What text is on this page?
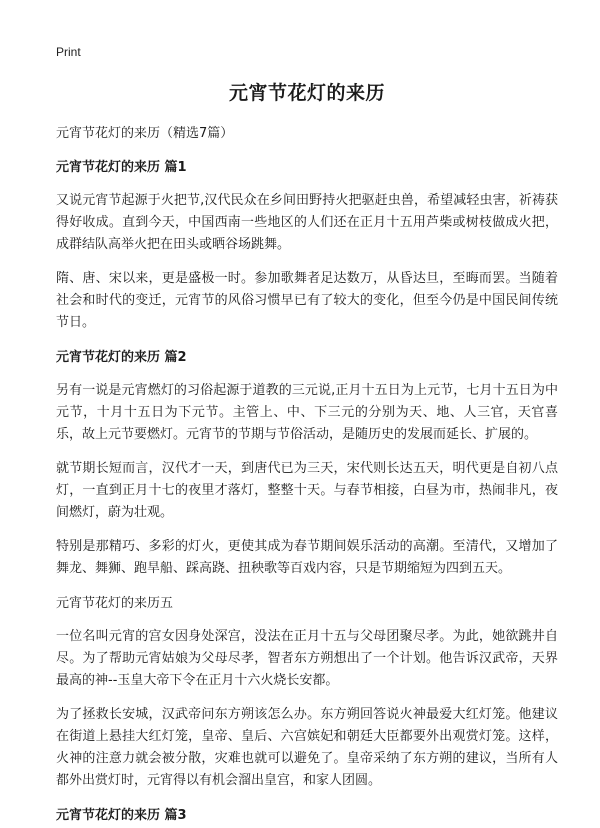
Print

元宵节花灯的来历

元宵节花灯的来历（精选7篇）

元宵节花灯的来历 篇1

又说元宵节起源于火把节,汉代民众在乡间田野持火把驱赶虫兽，希望减轻虫害，祈祷获得好收成。直到今天，中国西南一些地区的人们还在正月十五用芦柴或树枝做成火把，成群结队高举火把在田头或晒谷场跳舞。

隋、唐、宋以来，更是盛极一时。参加歌舞者足达数万，从昏达旦，至晦而罢。当随着社会和时代的变迁，元宵节的风俗习惯早已有了较大的变化，但至今仍是中国民间传统节日。

元宵节花灯的来历 篇2

另有一说是元宵燃灯的习俗起源于道教的三元说,正月十五日为上元节，七月十五日为中元节，十月十五日为下元节。主管上、中、下三元的分别为天、地、人三官，天官喜乐，故上元节要燃灯。元宵节的节期与节俗活动，是随历史的发展而延长、扩展的。

就节期长短而言，汉代才一天，到唐代已为三天，宋代则长达五天，明代更是自初八点灯，一直到正月十七的夜里才落灯，整整十天。与春节相接，白昼为市，热闹非凡，夜间燃灯，蔚为壮观。

特别是那精巧、多彩的灯火，更使其成为春节期间娱乐活动的高潮。至清代，又增加了舞龙、舞狮、跑旱船、踩高跷、扭秧歌等百戏内容，只是节期缩短为四到五天。

元宵节花灯的来历五

一位名叫元宵的宫女因身处深宫，没法在正月十五与父母团聚尽孝。为此，她欲跳井自尽。为了帮助元宵姑娘为父母尽孝，智者东方朔想出了一个计划。他告诉汉武帝，天界最高的神--玉皇大帝下令在正月十六火烧长安都。

为了拯救长安城，汉武帝问东方朔该怎么办。东方朔回答说火神最爱大红灯笼。他建议在街道上悬挂大红灯笼，皇帝、皇后、六宫嫔妃和朝廷大臣都要外出观赏灯笼。这样，火神的注意力就会被分散，灾难也就可以避免了。皇帝采纳了东方朔的建议，当所有人都外出赏灯时，元宵得以有机会溜出皇宫，和家人团圆。

元宵节花灯的来历 篇3
